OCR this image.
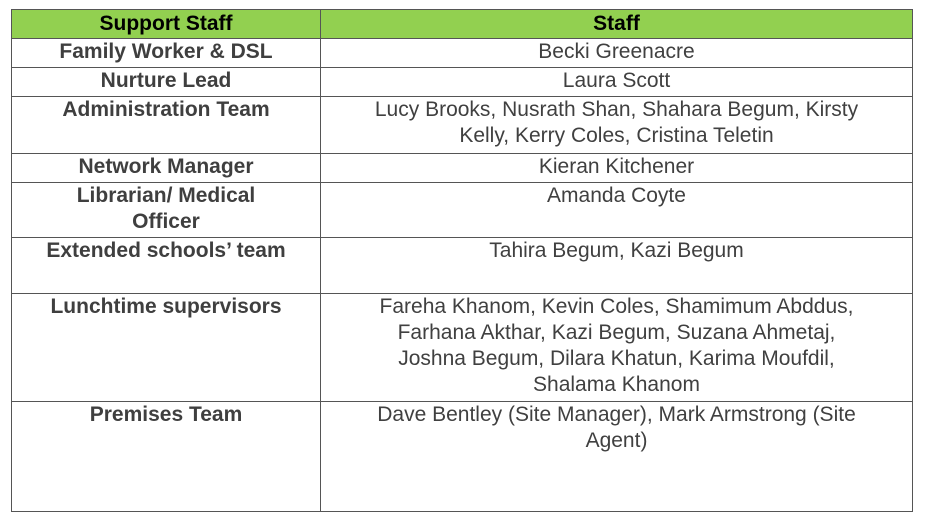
Support Staff	Staff
Family Worker & DSL	Becki Greenacre
Nurture Lead	Laura Scott
Administration Team	Lucy Brooks, Nusrath Shan, Shahara Begum, Kirsty Kelly, Kerry Coles, Cristina Teletin
Network Manager	Kieran Kitchener
Librarian/ Medical Officer	Amanda Coyte
Extended schools’ team	Tahira Begum, Kazi Begum
Lunchtime supervisors	Fareha Khanom, Kevin Coles, Shamimum Abddus, Farhana Akthar, Kazi Begum, Suzana Ahmetaj, Joshna Begum, Dilara Khatun, Karima Moufdil, Shalama Khanom
Premises Team	Dave Bentley (Site Manager), Mark Armstrong (Site Agent)
